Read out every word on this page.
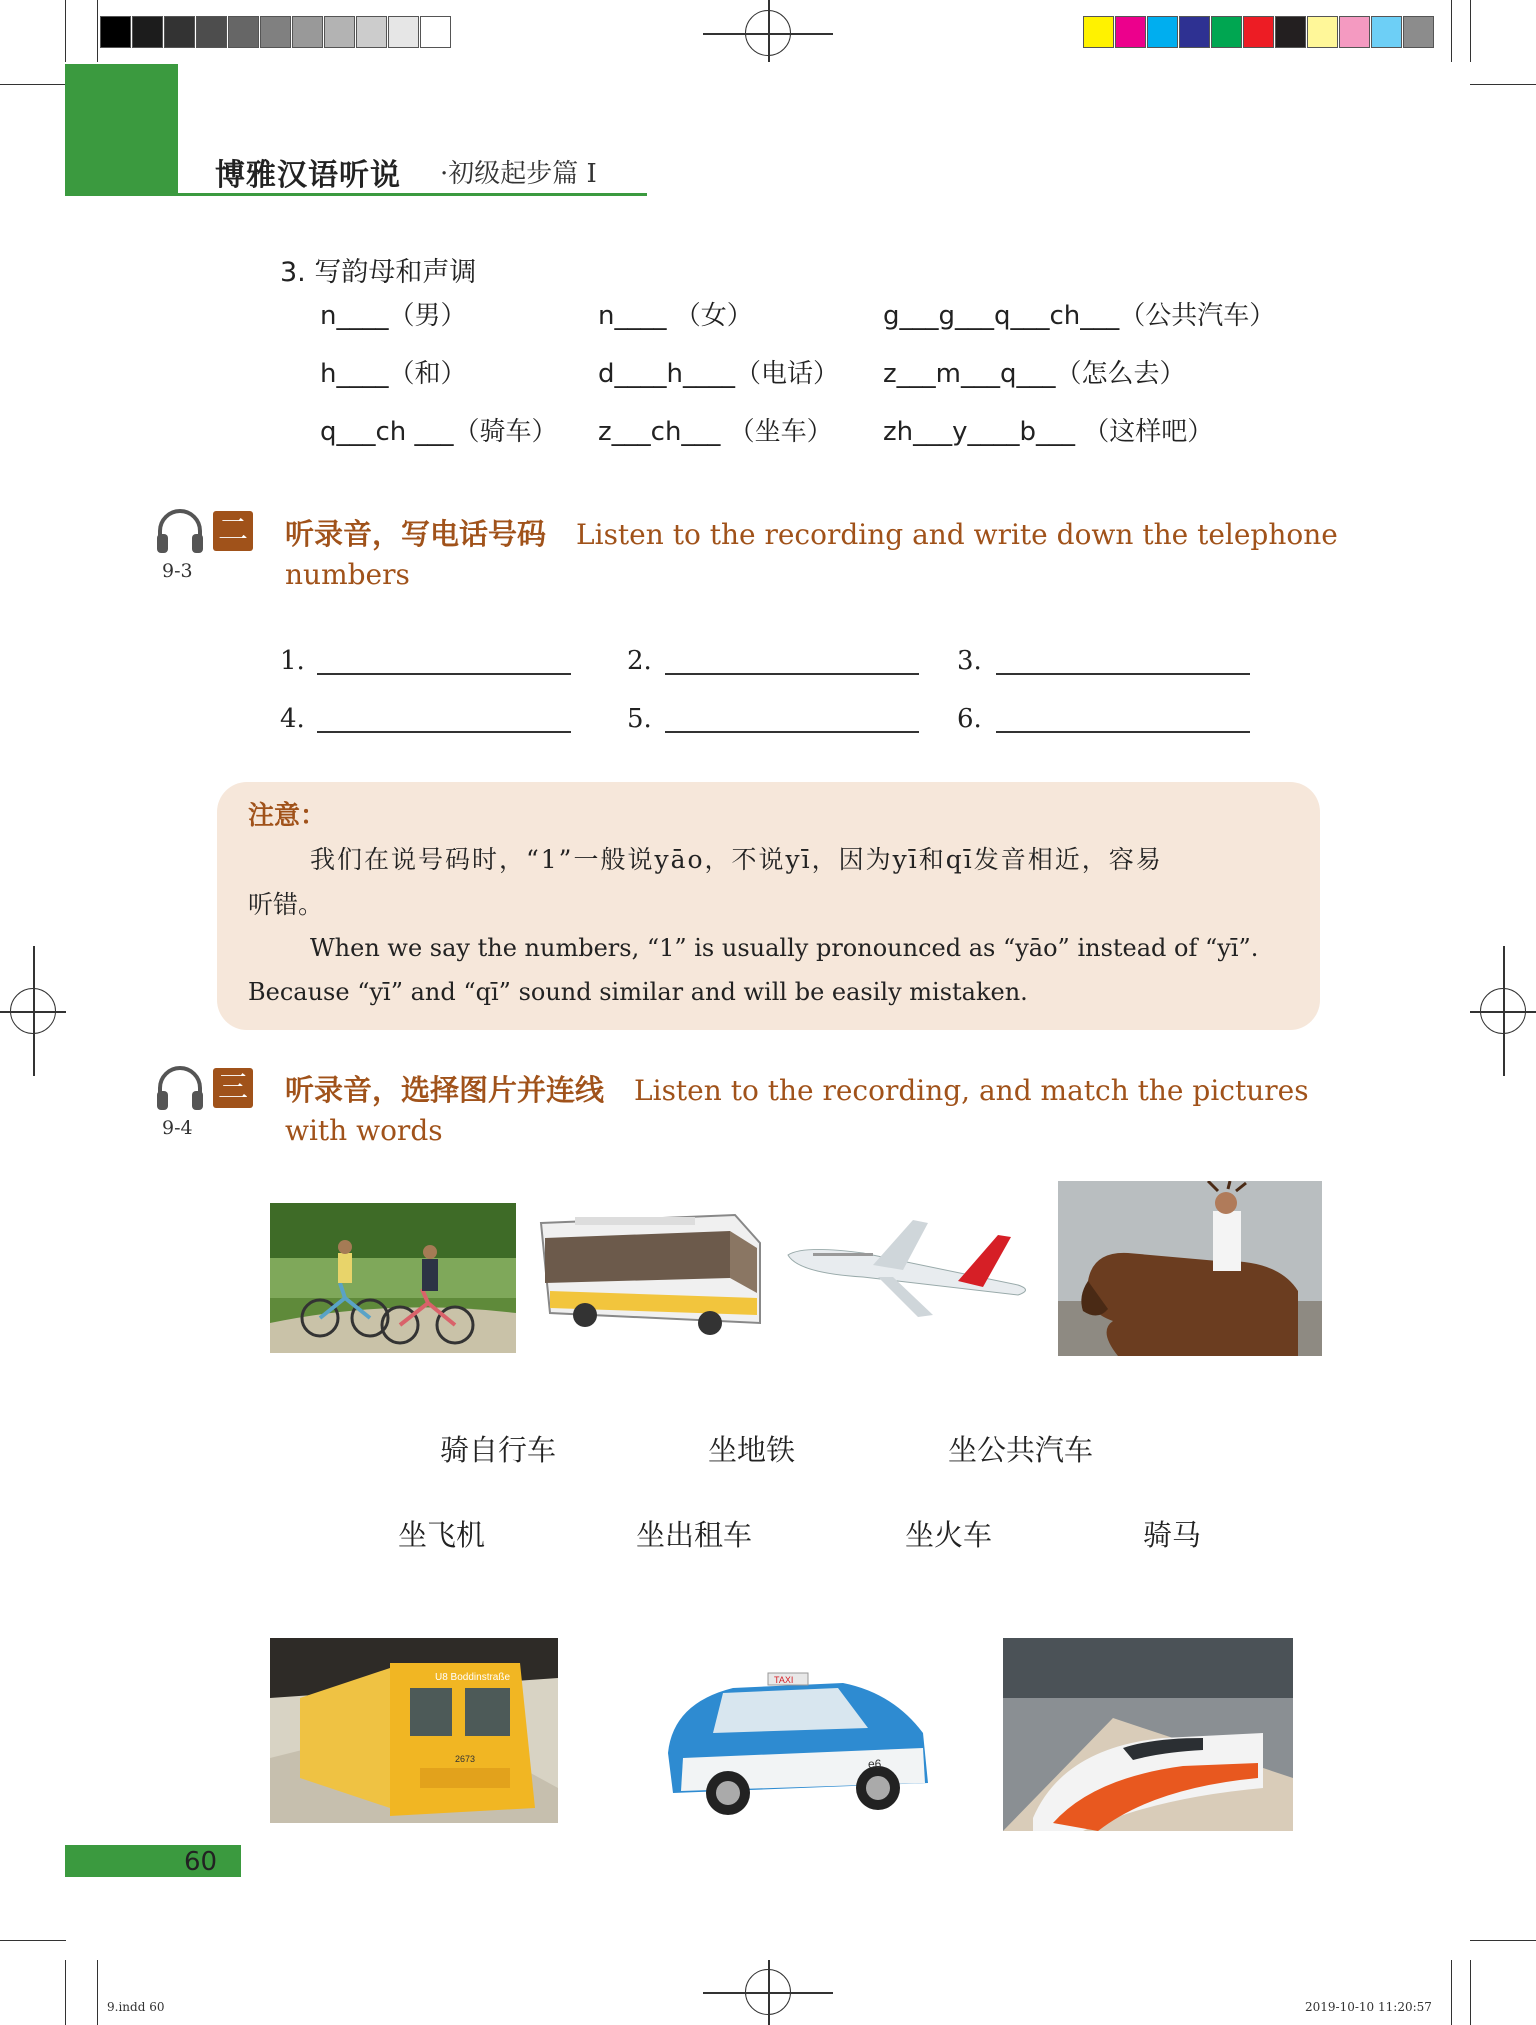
博雅汉语听说 ·初级起步篇 I
3. 写韵母和声调
n____（男）	n____ （女）	g___g___q___ch___（公共汽车）
h____（和）	d____h____（电话） z___m___q___（怎么去）
q___ch ___（骑车） z___ch___ （坐车） zh___y____b___ （这样吧）
9-3
二 听录音，写电话号码 Listen to the recording and write down the telephone
numbers
1.	2.	3.
4.	5.	6.
注意：
我们在说号码时，“1”一般说yāo，不说yī，因为yī和qī发音相近，容易
听错。
When we say the numbers, “1” is usually pronounced as “yāo” instead of “yī”.
Because “yī” and “qī” sound similar and will be easily mistaken.
9-4
三 听录音，选择图片并连线 Listen to the recording, and match the pictures
with words
骑自行车	坐地铁	坐公共汽车
坐飞机	坐出租车	坐火车	骑马
U8 Boddinstraße
2673
TAXI
e6
60
9.indd 60	2019-10-10 11:20:57
